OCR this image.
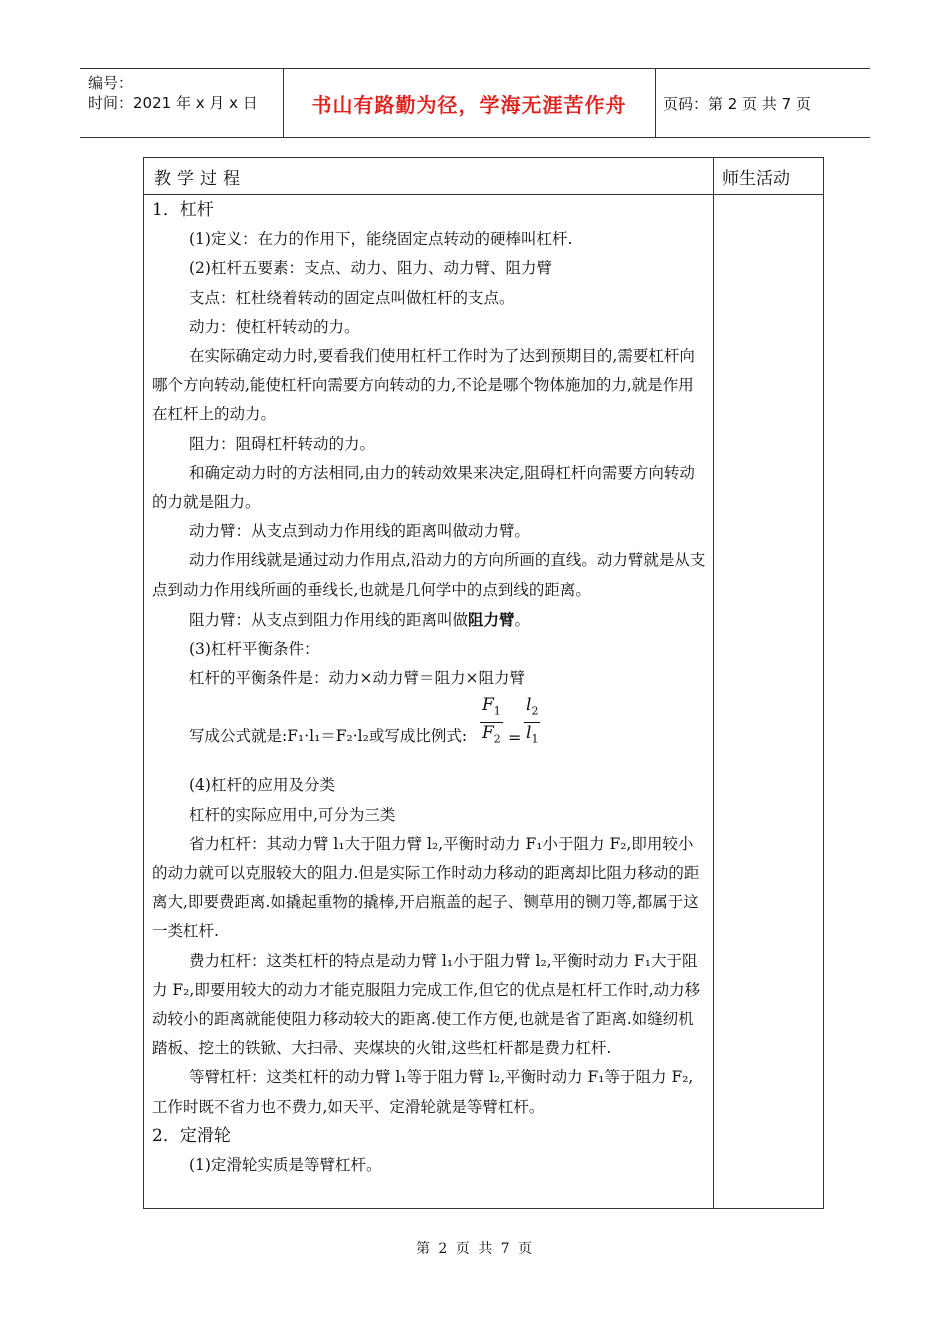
编号：
时间：2021 年 x 月 x 日	书山有路勤为径，学海无涯苦作舟	页码：第 2 页 共 7 页
教学过程	师生活动

1．杠杆

(1)定义：在力的作用下，能绕固定点转动的硬棒叫杠杆.

(2)杠杆五要素：支点、动力、阻力、动力臂、阻力臂

支点：杠杜绕着转动的固定点叫做杠杆的支点。

动力：使杠杆转动的力。

在实际确定动力时,要看我们使用杠杆工作时为了达到预期目的,需要杠杆向哪个方向转动,能使杠杆向需要方向转动的力,不论是哪个物体施加的力,就是作用在杠杆上的动力。

阻力：阻碍杠杆转动的力。

和确定动力时的方法相同,由力的转动效果来决定,阻碍杠杆向需要方向转动的力就是阻力。

动力臂：从支点到动力作用线的距离叫做动力臂。

动力作用线就是通过动力作用点,沿动力的方向所画的直线。动力臂就是从支点到动力作用线所画的垂线长,也就是几何学中的点到线的距离。

阻力臂：从支点到阻力作用线的距离叫做阻力臂。

(3)杠杆平衡条件：

杠杆的平衡条件是：动力×动力臂＝阻力×阻力臂

写成公式就是:F₁·l₁＝F₂·l₂或写成比例式: $\frac{F_1}{F_2} = \frac{l_2}{l_1}$

(4)杠杆的应用及分类

杠杆的实际应用中,可分为三类

省力杠杆：其动力臂 l₁大于阻力臂 l₂,平衡时动力 F₁小于阻力 F₂,即用较小的动力就可以克服较大的阻力.但是实际工作时动力移动的距离却比阻力移动的距离大,即要费距离.如撬起重物的撬棒,开启瓶盖的起子、铡草用的铡刀等,都属于这一类杠杆.

费力杠杆：这类杠杆的特点是动力臂 l₁小于阻力臂 l₂,平衡时动力 F₁大于阻力 F₂,即要用较大的动力才能克服阻力完成工作,但它的优点是杠杆工作时,动力移动较小的距离就能使阻力移动较大的距离.使工作方便,也就是省了距离.如缝纫机踏板、挖土的铁锨、大扫帚、夹煤块的火钳,这些杠杆都是费力杠杆.

等臂杠杆：这类杠杆的动力臂 l₁等于阻力臂 l₂,平衡时动力 F₁等于阻力 F₂,工作时既不省力也不费力,如天平、定滑轮就是等臂杠杆。

2．定滑轮

(1)定滑轮实质是等臂杠杆。

第 2 页 共 7 页
